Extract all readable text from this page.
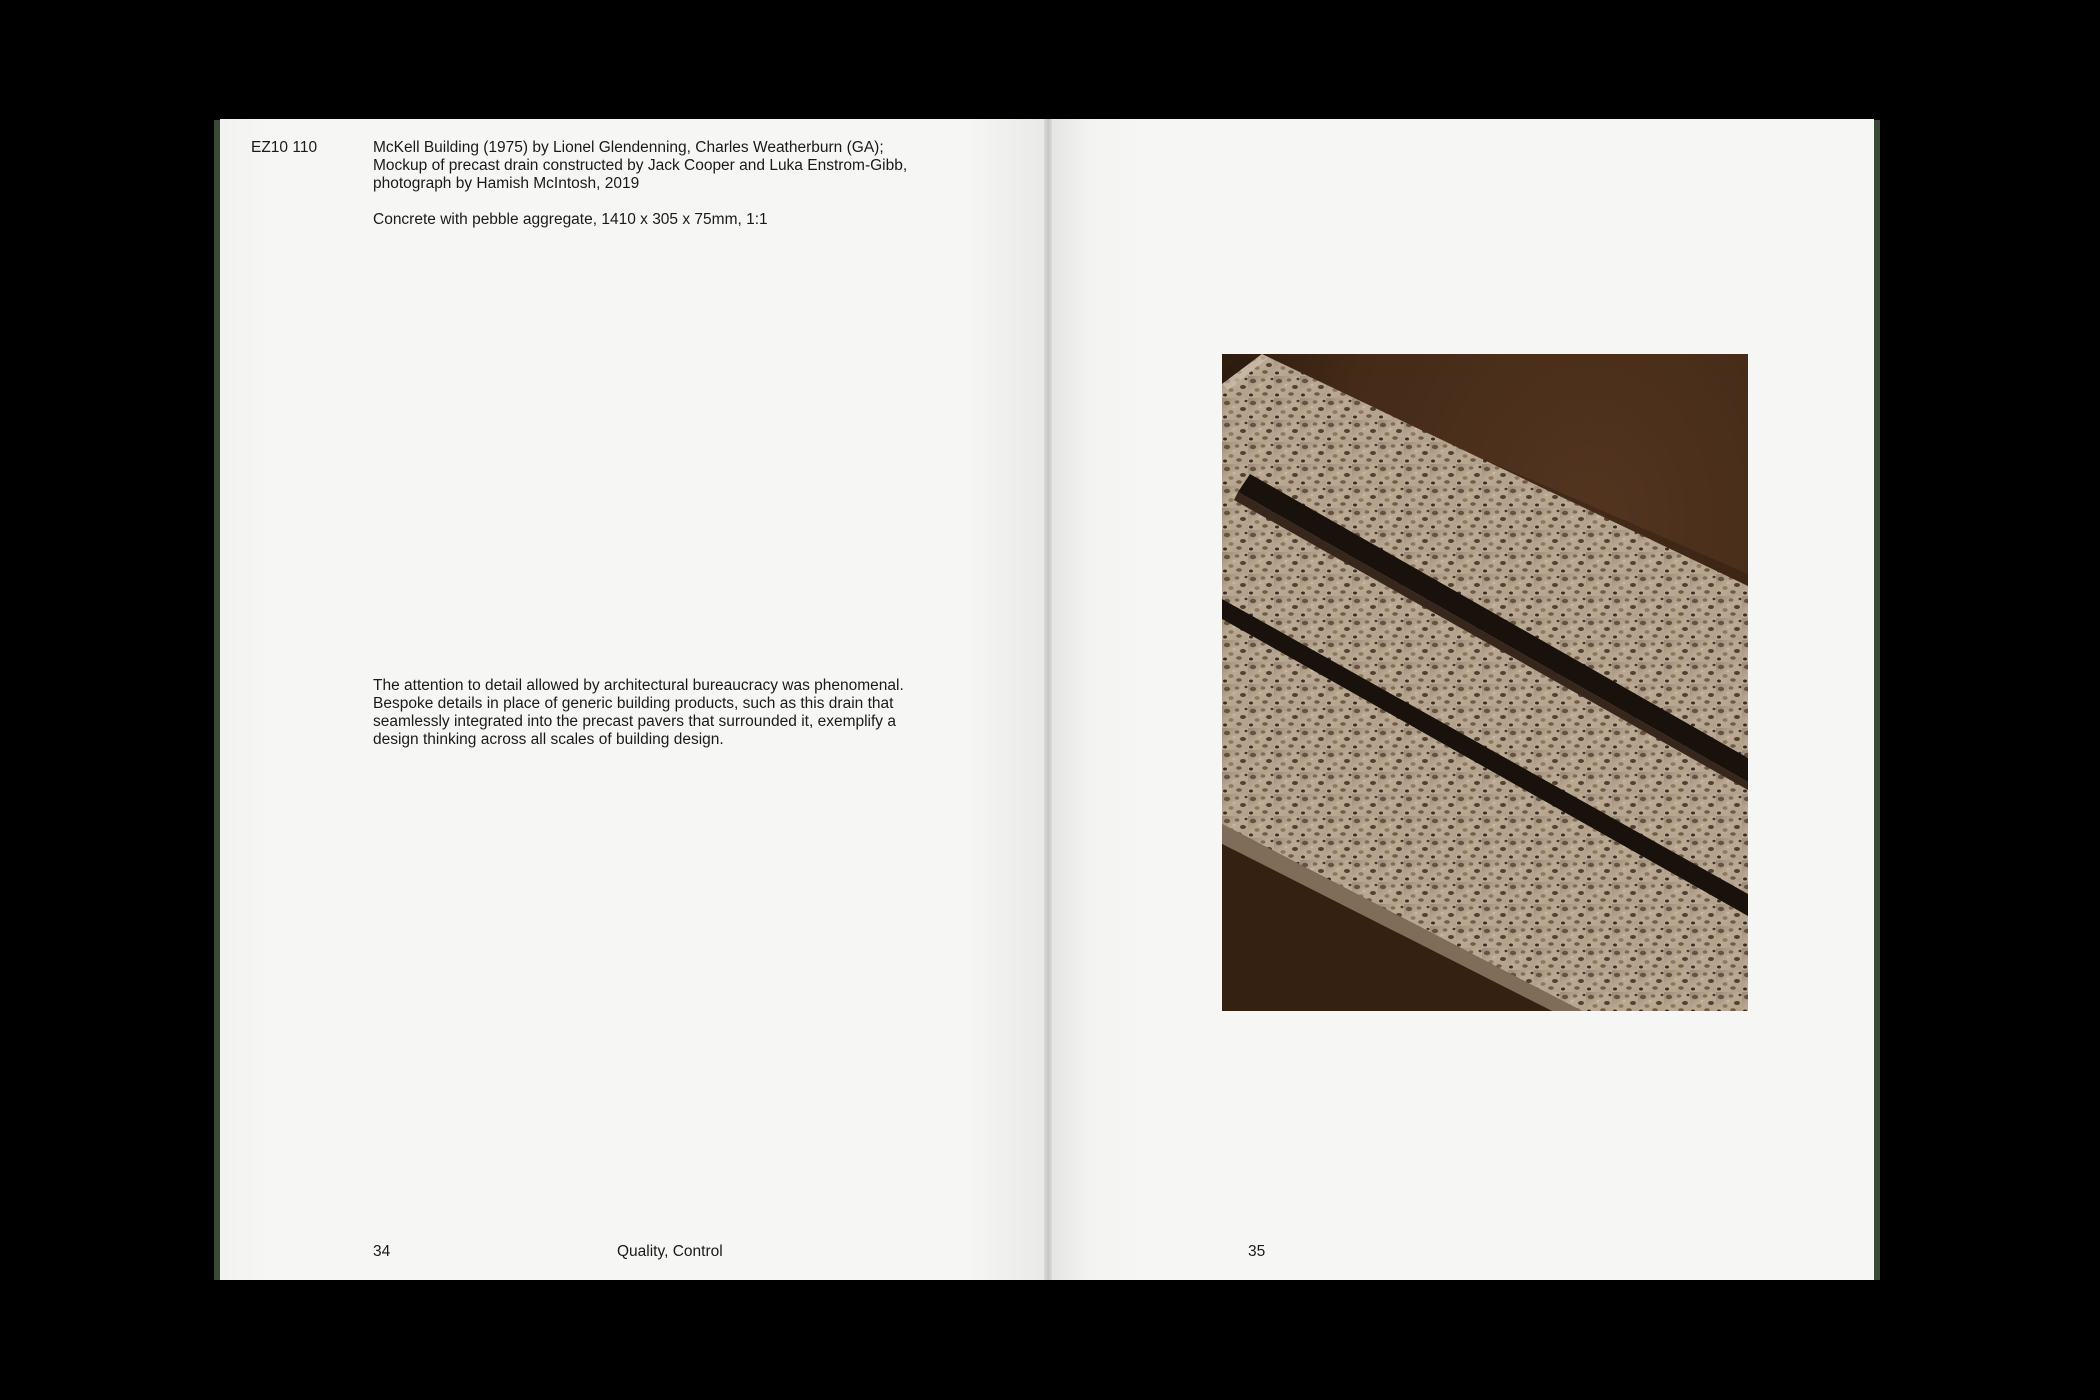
EZ10 110	McKell Building (1975) by Lionel Glendenning, Charles Weatherburn (GA);

Mockup of precast drain constructed by Jack Cooper and Luka Enstrom-Gibb,

photograph by Hamish McIntosh, 2019

Concrete with pebble aggregate, 1410 x 305 x 75mm, 1:1

The attention to detail allowed by architectural bureaucracy was phenomenal.

Bespoke details in place of generic building products, such as this drain that

seamlessly integrated into the precast pavers that surrounded it, exemplify a

design thinking across all scales of building design.

34	Quality, Control	35
